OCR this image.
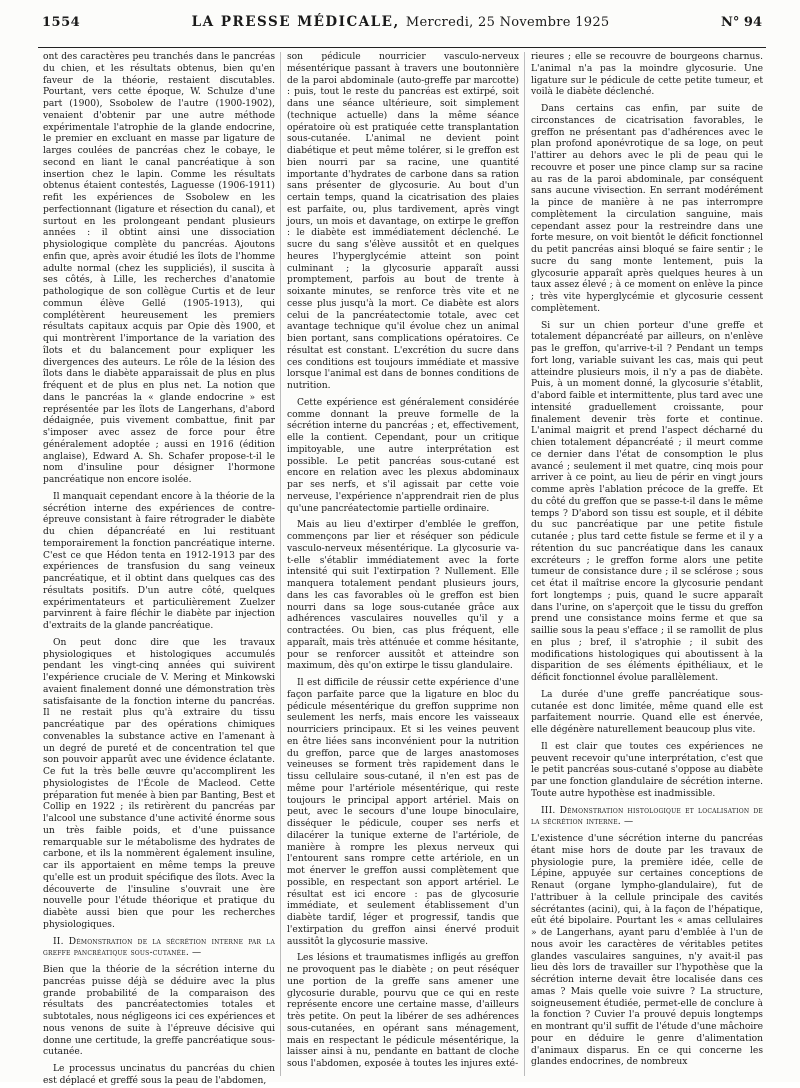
1554	LA PRESSE MÉDICALE, Mercredi, 25 Novembre 1925	N° 94

ont des caractères peu tranchés dans le pancréas du chien, et les résultats obtenus, bien qu'en faveur de la théorie, restaient discutables. Pourtant, vers cette époque, W. Schulze d'une part (1900), Ssobolew de l'autre (1900-1902), venaient d'obtenir par une autre méthode expérimentale l'atrophie de la glande endocrine, le premier en excluant en masse par ligature de larges coulées de pancréas chez le cobaye, le second en liant le canal pancréatique à son insertion chez le lapin. Comme les résultats obtenus étaient contestés, Laguesse (1906-1911) refit les expériences de Ssobolew en les perfectionnant (ligature et résection du canal), et surtout en les prolongeant pendant plusieurs années : il obtint ainsi une dissociation physiologique complète du pancréas. Ajoutons enfin que, après avoir étudié les îlots de l'homme adulte normal (chez les suppliciés), il suscita à ses côtés, à Lille, les recherches d'anatomie pathologique de son collègue Curtis et de leur commun élève Gellé (1905-1913), qui complétèrent heureusement les premiers résultats capitaux acquis par Opie dès 1900, et qui montrèrent l'importance de la variation des îlots et du balancement pour expliquer les divergences des auteurs. Le rôle de la lésion des îlots dans le diabète apparaissait de plus en plus fréquent et de plus en plus net. La notion que dans le pancréas la « glande endocrine » est représentée par les îlots de Langerhans, d'abord dédaignée, puis vivement combattue, finit par s'imposer avec assez de force pour être généralement adoptée ; aussi en 1916 (édition anglaise), Edward A. Sh. Schafer propose-t-il le nom d'insuline pour désigner l'hormone pancréatique non encore isolée.

Il manquait cependant encore à la théorie de la sécrétion interne des expériences de contre-épreuve consistant à faire rétrograder le diabète du chien dépancréaté en lui restituant temporairement la fonction pancréatique interne. C'est ce que Hédon tenta en 1912-1913 par des expériences de transfusion du sang veineux pancréatique, et il obtint dans quelques cas des résultats positifs. D'un autre côté, quelques expérimentateurs et particulièrement Zuelzer parvinrent à faire fléchir le diabète par injection d'extraits de la glande pancréatique.

On peut donc dire que les travaux physiologiques et histologiques accumulés pendant les vingt-cinq années qui suivirent l'expérience cruciale de V. Mering et Minkowski avaient finalement donné une démonstration très satisfaisante de la fonction interne du pancréas. Il ne restait plus qu'à extraire du tissu pancréatique par des opérations chimiques convenables la substance active en l'amenant à un degré de pureté et de concentration tel que son pouvoir apparût avec une évidence éclatante. Ce fut la très belle œuvre qu'accomplirent les physiologistes de l'École de Macleod. Cette préparation fut menée à bien par Banting, Best et Collip en 1922 ; ils retirèrent du pancréas par l'alcool une substance d'une activité énorme sous un très faible poids, et d'une puissance remarquable sur le métabolisme des hydrates de carbone, et ils la nommèrent également insuline, car ils apportaient en même temps la preuve qu'elle est un produit spécifique des îlots. Avec la découverte de l'insuline s'ouvrait une ère nouvelle pour l'étude théorique et pratique du diabète aussi bien que pour les recherches physiologiques.

II. Démonstration de la sécrétion interne par la greffe pancréatique sous-cutanée. —

Bien que la théorie de la sécrétion interne du pancréas puisse déjà se déduire avec la plus grande probabilité de la comparaison des résultats des pancréatectomies totales et subtotales, nous négligeons ici ces expériences et nous venons de suite à l'épreuve décisive qui donne une certitude, la greffe pancréatique sous-cutanée.

Le processus uncinatus du pancréas du chien est déplacé et greffé sous la peau de l'abdomen,

son pédicule nourricier vasculo-nerveux mésentérique passant à travers une boutonnière de la paroi abdominale (auto-greffe par marcotte) : puis, tout le reste du pancréas est extirpé, soit dans une séance ultérieure, soit simplement (technique actuelle) dans la même séance opératoire où est pratiquée cette transplantation sous-cutanée. L'animal ne devient point diabétique et peut même tolérer, si le greffon est bien nourri par sa racine, une quantité importante d'hydrates de carbone dans sa ration sans présenter de glycosurie. Au bout d'un certain temps, quand la cicatrisation des plaies est parfaite, ou, plus tardivement, après vingt jours, un mois et davantage, on extirpe le greffon : le diabète est immédiatement déclenché. Le sucre du sang s'élève aussitôt et en quelques heures l'hyperglycémie atteint son point culminant ; la glycosurie apparaît aussi promptement, parfois au bout de trente à soixante minutes, se renforce très vite et ne cesse plus jusqu'à la mort. Ce diabète est alors celui de la pancréatectomie totale, avec cet avantage technique qu'il évolue chez un animal bien portant, sans complications opératoires. Ce résultat est constant. L'excrétion du sucre dans ces conditions est toujours immédiate et massive lorsque l'animal est dans de bonnes conditions de nutrition.

Cette expérience est généralement considérée comme donnant la preuve formelle de la sécrétion interne du pancréas ; et, effectivement, elle la contient. Cependant, pour un critique impitoyable, une autre interprétation est possible. Le petit pancréas sous-cutané est encore en relation avec les plexus abdominaux par ses nerfs, et s'il agissait par cette voie nerveuse, l'expérience n'apprendrait rien de plus qu'une pancréatectomie partielle ordinaire.

Mais au lieu d'extirper d'emblée le greffon, commençons par lier et réséquer son pédicule vasculo-nerveux mésentérique. La glycosurie va-t-elle s'établir immédiatement avec la forte intensité qui suit l'extirpation ? Nullement. Elle manquera totalement pendant plusieurs jours, dans les cas favorables où le greffon est bien nourri dans sa loge sous-cutanée grâce aux adhérences vasculaires nouvelles qu'il y a contractées. Ou bien, cas plus fréquent, elle apparaît, mais très atténuée et comme hésitante, pour se renforcer aussitôt et atteindre son maximum, dès qu'on extirpe le tissu glandulaire.

Il est difficile de réussir cette expérience d'une façon parfaite parce que la ligature en bloc du pédicule mésentérique du greffon supprime non seulement les nerfs, mais encore les vaisseaux nourriciers principaux. Et si les veines peuvent en être liées sans inconvénient pour la nutrition du greffon, parce que de larges anastomoses veineuses se forment très rapidement dans le tissu cellulaire sous-cutané, il n'en est pas de même pour l'artériole mésentérique, qui reste toujours le principal apport artériel. Mais on peut, avec le secours d'une loupe binoculaire, disséquer le pédicule, couper ses nerfs et dilacérer la tunique externe de l'artériole, de manière à rompre les plexus nerveux qui l'entourent sans rompre cette artériole, en un mot énerver le greffon aussi complètement que possible, en respectant son apport artériel. Le résultat est ici encore : pas de glycosurie immédiate, et seulement établissement d'un diabète tardif, léger et progressif, tandis que l'extirpation du greffon ainsi énervé produit aussitôt la glycosurie massive.

Les lésions et traumatismes infligés au greffon ne provoquent pas le diabète ; on peut réséquer une portion de la greffe sans amener une glycosurie durable, pourvu que ce qui en reste représente encore une certaine masse, d'ailleurs très petite. On peut la libérer de ses adhérences sous-cutanées, en opérant sans ménagement, mais en respectant le pédicule mésentérique, la laisser ainsi à nu, pendante en battant de cloche sous l'abdomen, exposée à toutes les injures exté-

rieures ; elle se recouvre de bourgeons charnus. L'animal n'a pas la moindre glycosurie. Une ligature sur le pédicule de cette petite tumeur, et voilà le diabète déclenché.

Dans certains cas enfin, par suite de circonstances de cicatrisation favorables, le greffon ne présentant pas d'adhérences avec le plan profond aponévrotique de sa loge, on peut l'attirer au dehors avec le pli de peau qui le recouvre et poser une pince clamp sur sa racine au ras de la paroi abdominale, par conséquent sans aucune vivisection. En serrant modérément la pince de manière à ne pas interrompre complètement la circulation sanguine, mais cependant assez pour la restreindre dans une forte mesure, on voit bientôt le déficit fonctionnel du petit pancréas ainsi bloqué se faire sentir ; le sucre du sang monte lentement, puis la glycosurie apparaît après quelques heures à un taux assez élevé ; à ce moment on enlève la pince ; très vite hyperglycémie et glycosurie cessent complètement.

Si sur un chien porteur d'une greffe et totalement dépancréaté par ailleurs, on n'enlève pas le greffon, qu'arrive-t-il ? Pendant un temps fort long, variable suivant les cas, mais qui peut atteindre plusieurs mois, il n'y a pas de diabète. Puis, à un moment donné, la glycosurie s'établit, d'abord faible et intermittente, plus tard avec une intensité graduellement croissante, pour finalement devenir très forte et continue. L'animal maigrit et prend l'aspect décharné du chien totalement dépancréaté ; il meurt comme ce dernier dans l'état de consomption le plus avancé ; seulement il met quatre, cinq mois pour arriver à ce point, au lieu de périr en vingt jours comme après l'ablation précoce de la greffe. Et du côté du greffon que se passe-t-il dans le même temps ? D'abord son tissu est souple, et il débite du suc pancréatique par une petite fistule cutanée ; plus tard cette fistule se ferme et il y a rétention du suc pancréatique dans les canaux excréteurs ; le greffon forme alors une petite tumeur de consistance dure ; il se sclérose ; sous cet état il maîtrise encore la glycosurie pendant fort longtemps ; puis, quand le sucre apparaît dans l'urine, on s'aperçoit que le tissu du greffon prend une consistance moins ferme et que sa saillie sous la peau s'efface ; il se ramollit de plus en plus ; bref, il s'atrophie ; il subit des modifications histologiques qui aboutissent à la disparition de ses éléments épithéliaux, et le déficit fonctionnel évolue parallèlement.

La durée d'une greffe pancréatique sous-cutanée est donc limitée, même quand elle est parfaitement nourrie. Quand elle est énervée, elle dégénère naturellement beaucoup plus vite.

Il est clair que toutes ces expériences ne peuvent recevoir qu'une interprétation, c'est que le petit pancréas sous-cutané s'oppose au diabète par une fonction glandulaire de sécrétion interne. Toute autre hypothèse est inadmissible.

III. Démonstration histologique et localisation de la sécrétion interne. —

L'existence d'une sécrétion interne du pancréas étant mise hors de doute par les travaux de physiologie pure, la première idée, celle de Lépine, appuyée sur certaines conceptions de Renaut (organe lympho-glandulaire), fut de l'attribuer à la cellule principale des cavités sécrétantes (acini), qui, à la façon de l'hépatique, eût été bipolaire. Pourtant les « amas cellulaires » de Langerhans, ayant paru d'emblée à l'un de nous avoir les caractères de véritables petites glandes vasculaires sanguines, n'y avait-il pas lieu dès lors de travailler sur l'hypothèse que la sécrétion interne devait être localisée dans ces amas ? Mais quelle voie suivre ? La structure, soigneusement étudiée, permet-elle de conclure à la fonction ? Cuvier l'a prouvé depuis longtemps en montrant qu'il suffit de l'étude d'une mâchoire pour en déduire le genre d'alimentation d'animaux disparus. En ce qui concerne les glandes endocrines, de nombreux
